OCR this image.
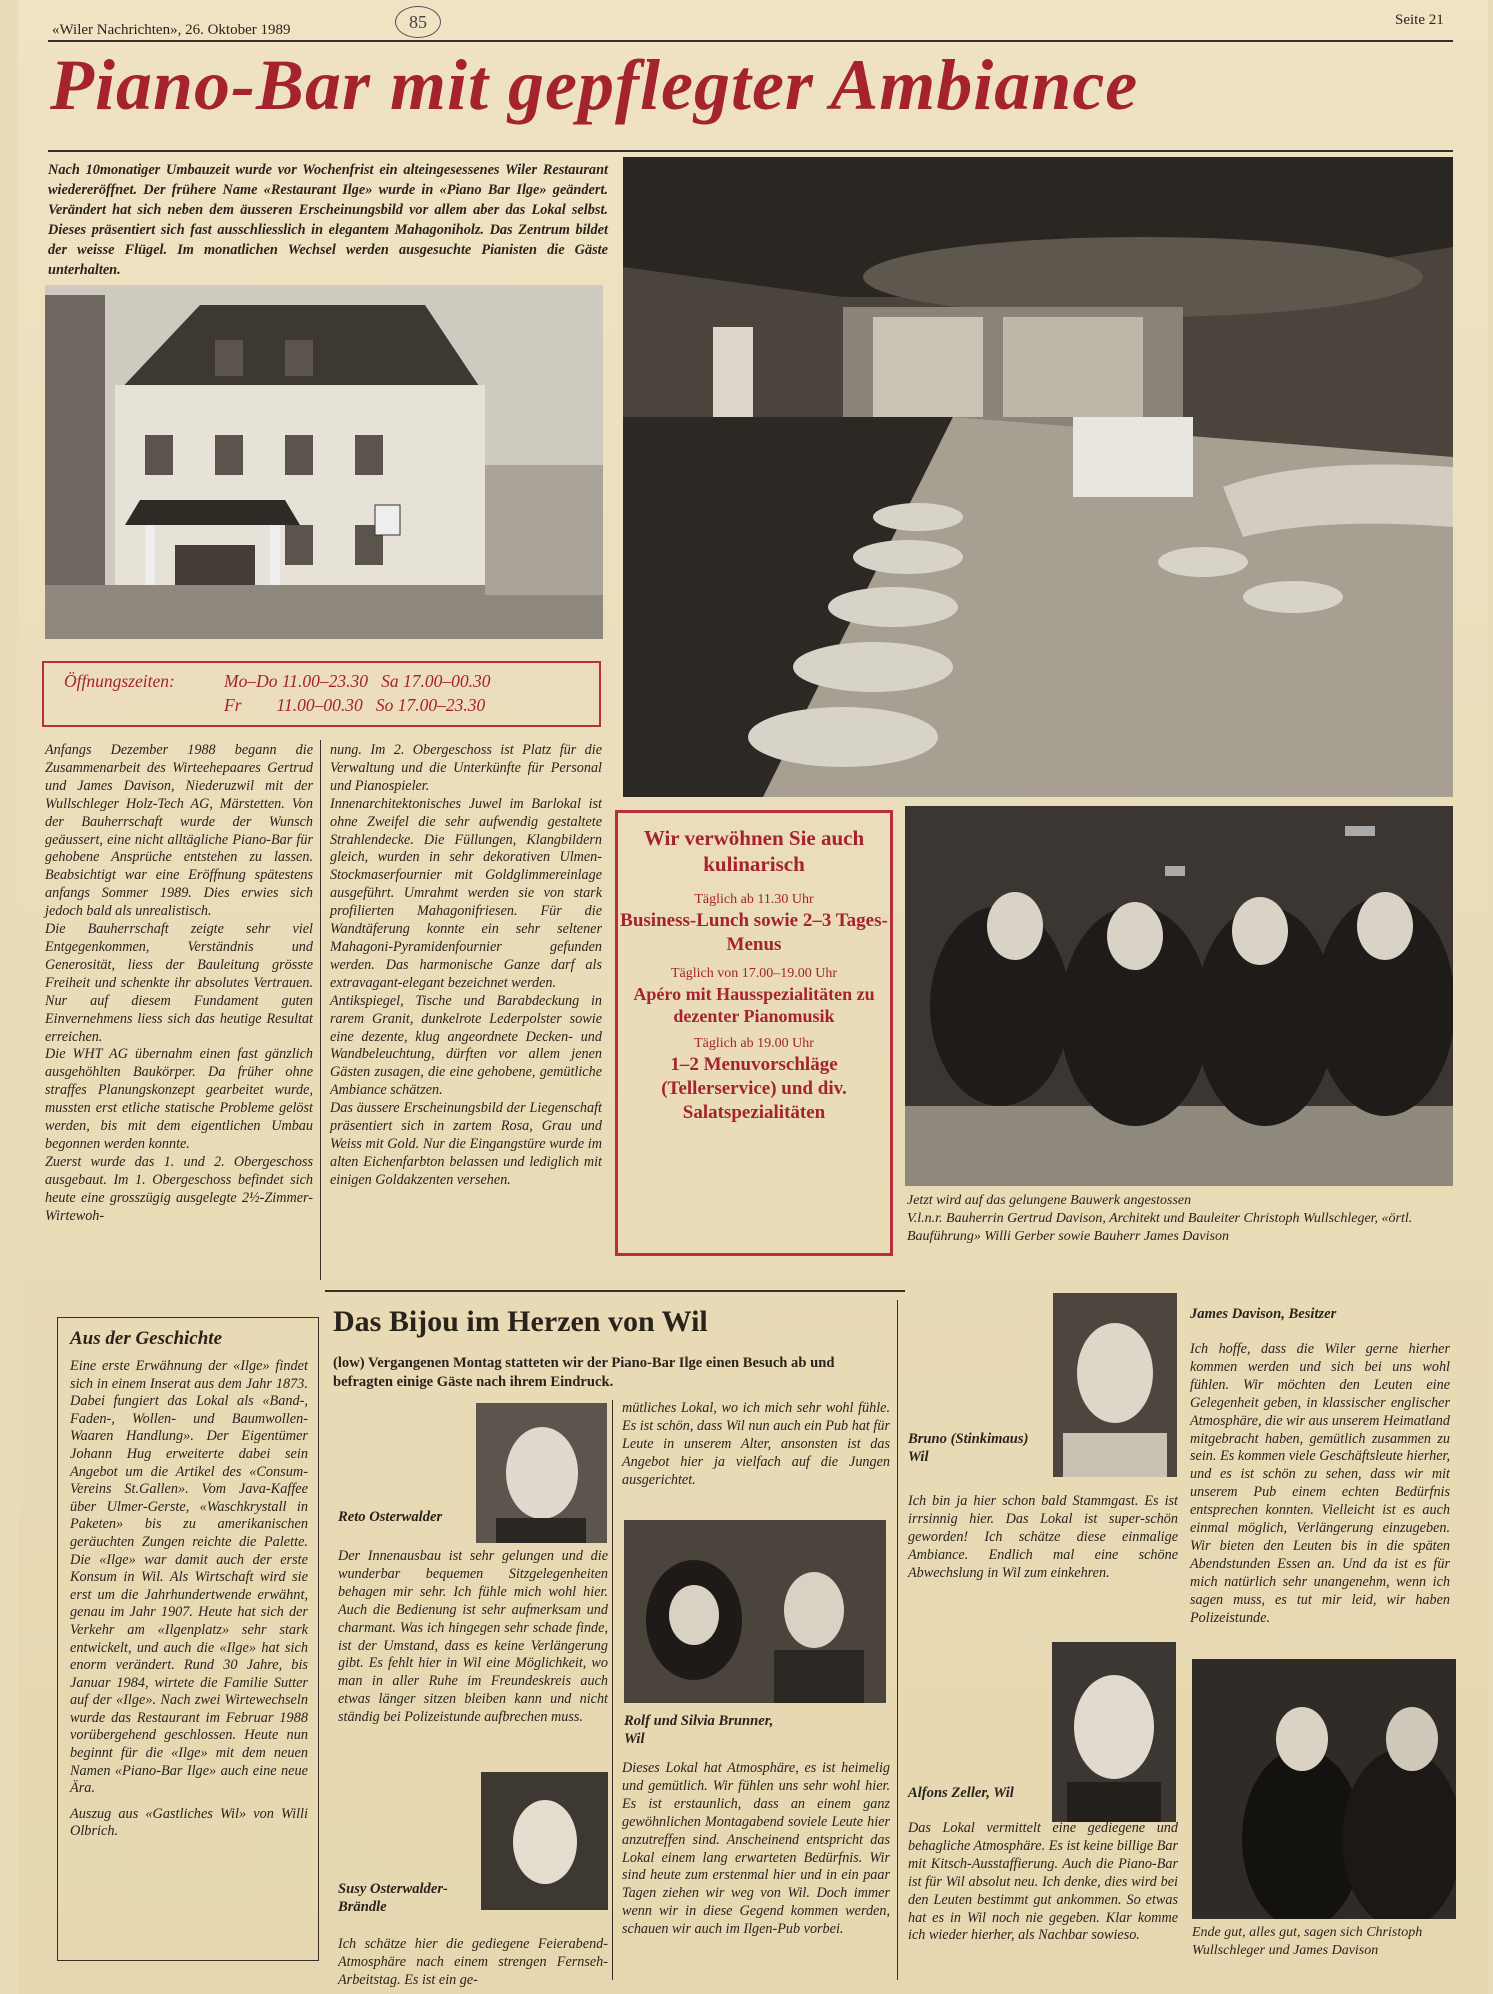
«Wiler Nachrichten», 26. Oktober 1989	85	Seite 21
Piano-Bar mit gepflegter Ambiance
Nach 10monatiger Umbauzeit wurde vor Wochenfrist ein alteingesessenes Wiler Restaurant wiedereröffnet. Der frühere Name «Restaurant Ilge» wurde in «Piano Bar Ilge» geändert. Verändert hat sich neben dem äusseren Erscheinungsbild vor allem aber das Lokal selbst. Dieses präsentiert sich fast ausschliesslich in elegantem Mahagoniholz. Das Zentrum bildet der weisse Flügel. Im monatlichen Wechsel werden ausgesuchte Pianisten die Gäste unterhalten.
Öffnungszeiten:	Mo–Do 11.00–23.30   Sa 17.00–00.30
Fr        11.00–00.30   So 17.00–23.30

Anfangs Dezember 1988 begann die Zusammenarbeit des Wirteehepaares Gertrud und James Davison, Niederuzwil mit der Wullschleger Holz-Tech AG, Märstetten. Von der Bauherrschaft wurde der Wunsch geäussert, eine nicht alltägliche Piano-Bar für gehobene Ansprüche entstehen zu lassen. Beabsichtigt war eine Eröffnung spätestens anfangs Sommer 1989. Dies erwies sich jedoch bald als unrealistisch.

Die Bauherrschaft zeigte sehr viel Entgegenkommen, Verständnis und Generosität, liess der Bauleitung grösste Freiheit und schenkte ihr absolutes Vertrauen. Nur auf diesem Fundament guten Einvernehmens liess sich das heutige Resultat erreichen.

Die WHT AG übernahm einen fast gänzlich ausgehöhlten Baukörper. Da früher ohne straffes Planungskonzept gearbeitet wurde, mussten erst etliche statische Probleme gelöst werden, bis mit dem eigentlichen Umbau begonnen werden konnte.

Zuerst wurde das 1. und 2. Obergeschoss ausgebaut. Im 1. Obergeschoss befindet sich heute eine grosszügig ausgelegte 2½-Zimmer-Wirtewoh-

nung. Im 2. Obergeschoss ist Platz für die Verwaltung und die Unterkünfte für Personal und Pianospieler.

Innenarchitektonisches Juwel im Barlokal ist ohne Zweifel die sehr aufwendig gestaltete Strahlendecke. Die Füllungen, Klangbildern gleich, wurden in sehr dekorativen Ulmen-Stockmaserfournier mit Goldglimmereinlage ausgeführt. Umrahmt werden sie von stark profilierten Mahagonifriesen. Für die Wandtäferung konnte ein sehr seltener Mahagoni-Pyramidenfournier gefunden werden. Das harmonische Ganze darf als extravagant-elegant bezeichnet werden.

Antikspiegel, Tische und Barabdeckung in rarem Granit, dunkelrote Lederpolster sowie eine dezente, klug angeordnete Decken- und Wandbeleuchtung, dürften vor allem jenen Gästen zusagen, die eine gehobene, gemütliche Ambiance schätzen.

Das äussere Erscheinungsbild der Liegenschaft präsentiert sich in zartem Rosa, Grau und Weiss mit Gold. Nur die Eingangstüre wurde im alten Eichenfarbton belassen und lediglich mit einigen Goldakzenten versehen.

Wir verwöhnen Sie auch kulinarisch
Täglich ab 11.30 Uhr
Business-Lunch sowie 2–3 Tages-Menus
Täglich von 17.00–19.00 Uhr
Apéro mit Hausspezialitäten zu dezenter Pianomusik
Täglich ab 19.00 Uhr
1–2 Menuvorschläge (Tellerservice) und div. Salatspezialitäten
Jetzt wird auf das gelungene Bauwerk angestossen
V.l.n.r. Bauherrin Gertrud Davison, Architekt und Bauleiter Christoph Wullschleger, «örtl. Bauführung» Willi Gerber sowie Bauherr James Davison
Aus der Geschichte
Eine erste Erwähnung der «Ilge» findet sich in einem Inserat aus dem Jahr 1873. Dabei fungiert das Lokal als «Band-, Faden-, Wollen- und Baumwollen-Waaren Handlung». Der Eigentümer Johann Hug erweiterte dabei sein Angebot um die Artikel des «Consum-Vereins St.Gallen». Vom Java-Kaffee über Ulmer-Gerste, «Waschkrystall in Paketen» bis zu amerikanischen geräuchten Zungen reichte die Palette. Die «Ilge» war damit auch der erste Konsum in Wil. Als Wirtschaft wird sie erst um die Jahrhundertwende erwähnt, genau im Jahr 1907. Heute hat sich der Verkehr am «Ilgenplatz» sehr stark entwickelt, und auch die «Ilge» hat sich enorm verändert. Rund 30 Jahre, bis Januar 1984, wirtete die Familie Sutter auf der «Ilge». Nach zwei Wirtewechseln wurde das Restaurant im Februar 1988 vorübergehend geschlossen. Heute nun beginnt für die «Ilge» mit dem neuen Namen «Piano-Bar Ilge» auch eine neue Ära.
Auszug aus «Gastliches Wil» von Willi Olbrich.
Das Bijou im Herzen von Wil
(low) Vergangenen Montag statteten wir der Piano-Bar Ilge einen Besuch ab und befragten einige Gäste nach ihrem Eindruck.
Reto Osterwalder
Der Innenausbau ist sehr gelungen und die wunderbar bequemen Sitzgelegenheiten behagen mir sehr. Ich fühle mich wohl hier. Auch die Bedienung ist sehr aufmerksam und charmant. Was ich hingegen sehr schade finde, ist der Umstand, dass es keine Verlängerung gibt. Es fehlt hier in Wil eine Möglichkeit, wo man in aller Ruhe im Freundeskreis auch etwas länger sitzen bleiben kann und nicht ständig bei Polizeistunde aufbrechen muss.
Susy Osterwalder-Brändle
Ich schätze hier die gediegene Feierabend-Atmosphäre nach einem strengen Fernseh-Arbeitstag. Es ist ein ge-
mütliches Lokal, wo ich mich sehr wohl fühle. Es ist schön, dass Wil nun auch ein Pub hat für Leute in unserem Alter, ansonsten ist das Angebot hier ja vielfach auf die Jungen ausgerichtet.
Rolf und Silvia Brunner, Wil
Dieses Lokal hat Atmosphäre, es ist heimelig und gemütlich. Wir fühlen uns sehr wohl hier. Es ist erstaunlich, dass an einem ganz gewöhnlichen Montagabend soviele Leute hier anzutreffen sind. Anscheinend entspricht das Lokal einem lang erwarteten Bedürfnis. Wir sind heute zum erstenmal hier und in ein paar Tagen ziehen wir weg von Wil. Doch immer wenn wir in diese Gegend kommen werden, schauen wir auch im Ilgen-Pub vorbei.
Bruno (Stinkimaus) Wil
Ich bin ja hier schon bald Stammgast. Es ist irrsinnig hier. Das Lokal ist super-schön geworden! Ich schätze diese einmalige Ambiance. Endlich mal eine schöne Abwechslung in Wil zum einkehren.
Alfons Zeller, Wil
Das Lokal vermittelt eine gediegene und behagliche Atmosphäre. Es ist keine billige Bar mit Kitsch-Ausstaffierung. Auch die Piano-Bar ist für Wil absolut neu. Ich denke, dies wird bei den Leuten bestimmt gut ankommen. So etwas hat es in Wil noch nie gegeben. Klar komme ich wieder hierher, als Nachbar sowieso.
James Davison, Besitzer
Ich hoffe, dass die Wiler gerne hierher kommen werden und sich bei uns wohl fühlen. Wir möchten den Leuten eine Gelegenheit geben, in klassischer englischer Atmosphäre, die wir aus unserem Heimatland mitgebracht haben, gemütlich zusammen zu sein. Es kommen viele Geschäftsleute hierher, und es ist schön zu sehen, dass wir mit unserem Pub einem echten Bedürfnis entsprechen konnten. Vielleicht ist es auch einmal möglich, Verlängerung einzugeben. Wir bieten den Leuten bis in die späten Abendstunden Essen an. Und da ist es für mich natürlich sehr unangenehm, wenn ich sagen muss, es tut mir leid, wir haben Polizeistunde.
Ende gut, alles gut, sagen sich Christoph Wullschleger und James Davison
